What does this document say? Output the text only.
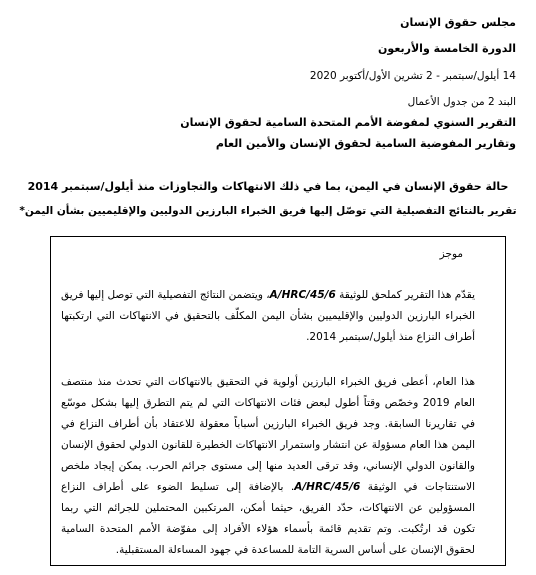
مجلس حقوق الإنسان
الدورة الخامسة والأربعون
14 أيلول/سبتمبر - 2 تشرين الأول/أكتوبر 2020
البند 2 من جدول الأعمال
التقرير السنوي لمفوضة الأمم المتحدة السامية لحقوق الإنسان
وتقارير المفوضية السامية لحقوق الإنسان والأمين العام
حالة حقوق الإنسان في اليمن، بما في ذلك الانتهاكات والتجاوزات منذ أيلول/سبتمبر 2014
تقرير بالنتائج التفصيلية التي توصّل إليها فريق الخبراء البارزين الدوليين والإقليميين بشأن اليمن*
موجز

يقدّم هذا التقرير كملحق للوثيقة A/HRC/45/6، ويتضمن النتائج التفصيلية التي توصل إليها فريق الخبراء البارزين الدوليين والإقليميين بشأن اليمن المكلّف بالتحقيق في الانتهاكات التي ارتكبتها أطراف النزاع منذ أيلول/سبتمبر 2014.

هذا العام، أعطى فريق الخبراء البارزين أولوية في التحقيق بالانتهاكات التي تحدث منذ منتصف العام 2019 وخصّص وقتاً أطول لبعض فئات الانتهاكات التي لم يتم التطرق إليها بشكل موسّع في تقاريرنا السابقة. وجد فريق الخبراء البارزين أسباباً معقولة للاعتقاد بأن أطراف النزاع في اليمن هذا العام مسؤولة عن انتشار واستمرار الانتهاكات الخطيرة للقانون الدولي لحقوق الإنسان والقانون الدولي الإنساني، وقد ترقى العديد منها إلى مستوى جرائم الحرب. يمكن إيجاد ملخص الاستنتاجات في الوثيقة A/HRC/45/6. بالإضافة إلى تسليط الضوء على أطراف النزاع المسؤولين عن الانتهاكات، حدّد الفريق، حيثما أمكن، المرتكبين المحتملين للجرائم التي ربما تكون قد ارتُكبت. وتم تقديم قائمة بأسماء هؤلاء الأفراد إلى مفوّضة الأمم المتحدة السامية لحقوق الإنسان على أساس السرية التامة للمساعدة في جهود المساءلة المستقبلية.
